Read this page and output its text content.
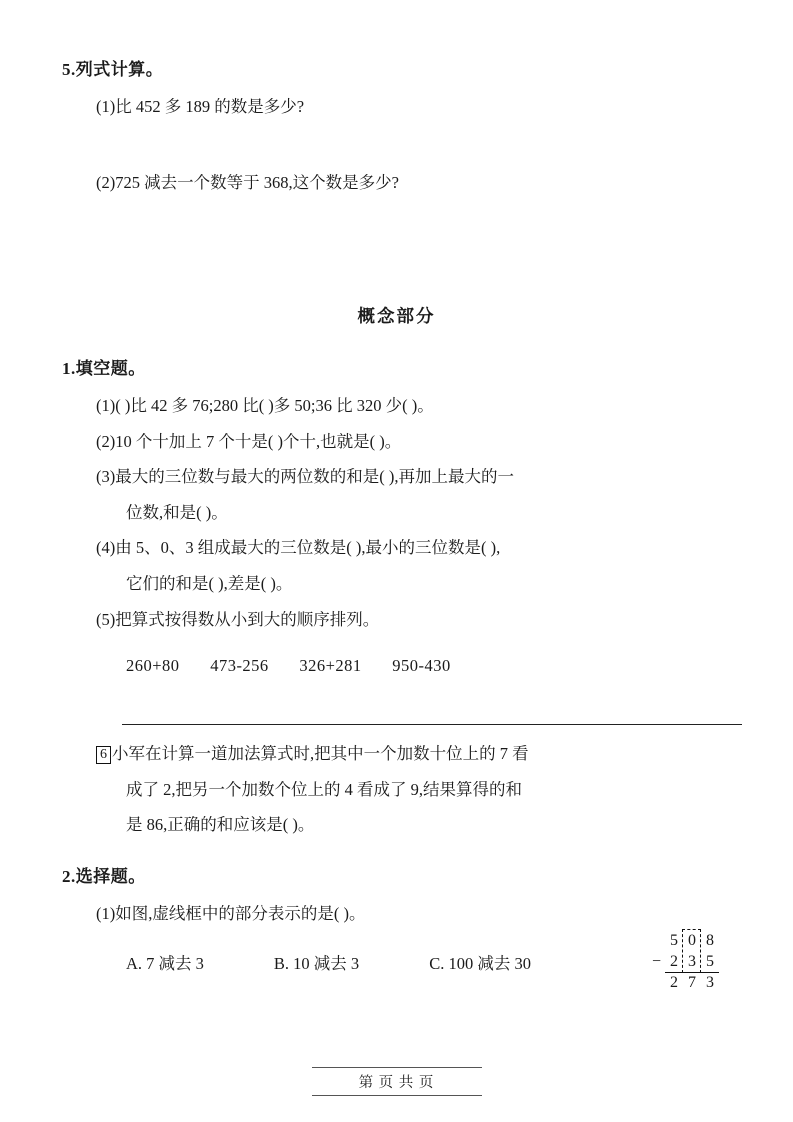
5.列式计算。
(1)比 452 多 189 的数是多少?
(2)725 减去一个数等于 368,这个数是多少?
概念部分
1.填空题。
(1)( )比 42 多 76;280 比( )多 50;36 比 320 少( )。
(2)10 个十加上 7 个十是( )个十,也就是( )。
(3)最大的三位数与最大的两位数的和是( ),再加上最大的一
位数,和是( )。
(4)由 5、0、3 组成最大的三位数是( ),最小的三位数是( ),
它们的和是( ),差是( )。
(5)把算式按得数从小到大的顺序排列。
260+80 473-256 326+281 950-430
6 小军在计算一道加法算式时,把其中一个加数十位上的 7 看
成了 2,把另一个加数个位上的 4 看成了 9,结果算得的和
是 86,正确的和应该是( )。
2.选择题。
(1)如图,虚线框中的部分表示的是( )。
A. 7 减去 3	B. 10 减去 3	C. 100 减去 30	−
5 0 8
2 3 5
2 7 3
第 页 共 页
